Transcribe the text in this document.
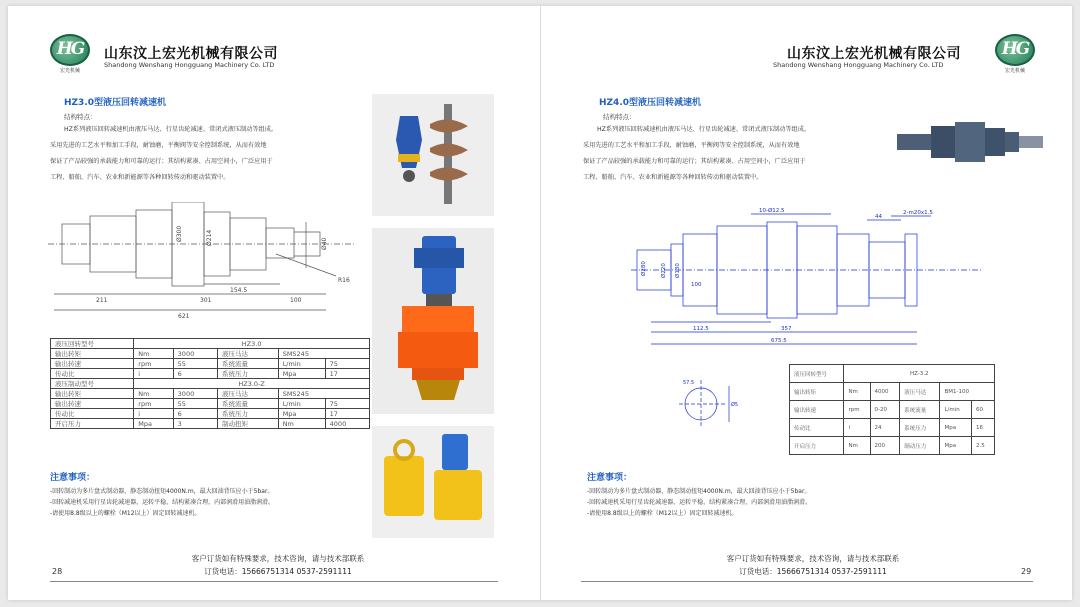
HG
宏光机械
山东汶上宏光机械有限公司
Shandong Wenshang Hongguang Machinery Co. LTD
HZ3.0型液压回转减速机
结构特点：
HZ系列液压回转减速机由液压马达、行星齿轮减速、常闭式液压制动等组成。
采用先进的工艺水平和加工手段，耐蚀磨，平衡阀等安全控制系统，从而有效地
保证了产品较强的承载能力和可靠的运行；其结构紧凑、占用空间小，广泛应用于
工程、船舶、汽车、农业和新能源等各种回转传动和驱动装置中。
211	301
621
154.5
100
R16
Ø300	Ø214	Ø40
液压回转型号	HZ3.0				
输出转矩	Nm	3000	液压马达	SMS245	
输出转速	rpm	55	系统流量	L/min	75
传动比	i	6	系统压力	Mpa	17
液压制动型号	HZ3.0-Z				
输出转矩	Nm	3000	液压马达	SMS245	
输出转速	rpm	55	系统流量	L/min	75
传动比	i	6	系统压力	Mpa	17
开启压力	Mpa	3	制动扭矩	Nm	4000
注意事项：
-回转制动为多片盘式制动器，静态制动扭矩4000N.m，最大回油背压应小于5bar。
-回转减速机采用行星齿轮减速器，运转平稳，结构紧凑合理，内部润滑用油脂润滑。
-请使用8.8级以上的螺栓（M12以上）固定回转减速机。
客户订货如有特殊要求，技术咨询，请与技术部联系
订货电话：15666751314 0537-2591111
28
山东汶上宏光机械有限公司
Shandong Wenshang Hongguang Machinery Co. LTD
HG
宏光机械
HZ4.0型液压回转减速机
结构特点：
HZ系列液压回转减速机由液压马达、行星齿轮减速、常闭式液压制动等组成。
采用先进的工艺水平和加工手段，耐蚀磨，平衡阀等安全控制系统，从而有效地
保证了产品较强的承载能力和可靠的运行；其结构紧凑、占用空间小，广泛应用于
工程、船舶、汽车、农业和新能源等各种回转传动和驱动装置中。
10-Ø12.5
44
2-m20x1.5
Ø280	Ø220 Ø130
100
112.5	357
675.5
57.5
Ø5
液压回转型号	HZ-3.2				
输出转矩	Nm	4000	液压马达	BM1-100	
输出转速	rpm	0-20	系统流量	L/min	60
传动比	i	24	系统压力	Mpa	16
开启压力	Nm	200	制动压力	Mpa	2.5
注意事项：
-回转制动为多片盘式制动器，静态制动扭矩4000N.m，最大回油背压应小于5bar。
-回转减速机采用行星齿轮减速器，运转平稳，结构紧凑合理，内部润滑用油脂润滑。
-请使用8.8级以上的螺栓（M12以上）固定回转减速机。
客户订货如有特殊要求，技术咨询，请与技术部联系
订货电话：15666751314 0537-2591111	29
